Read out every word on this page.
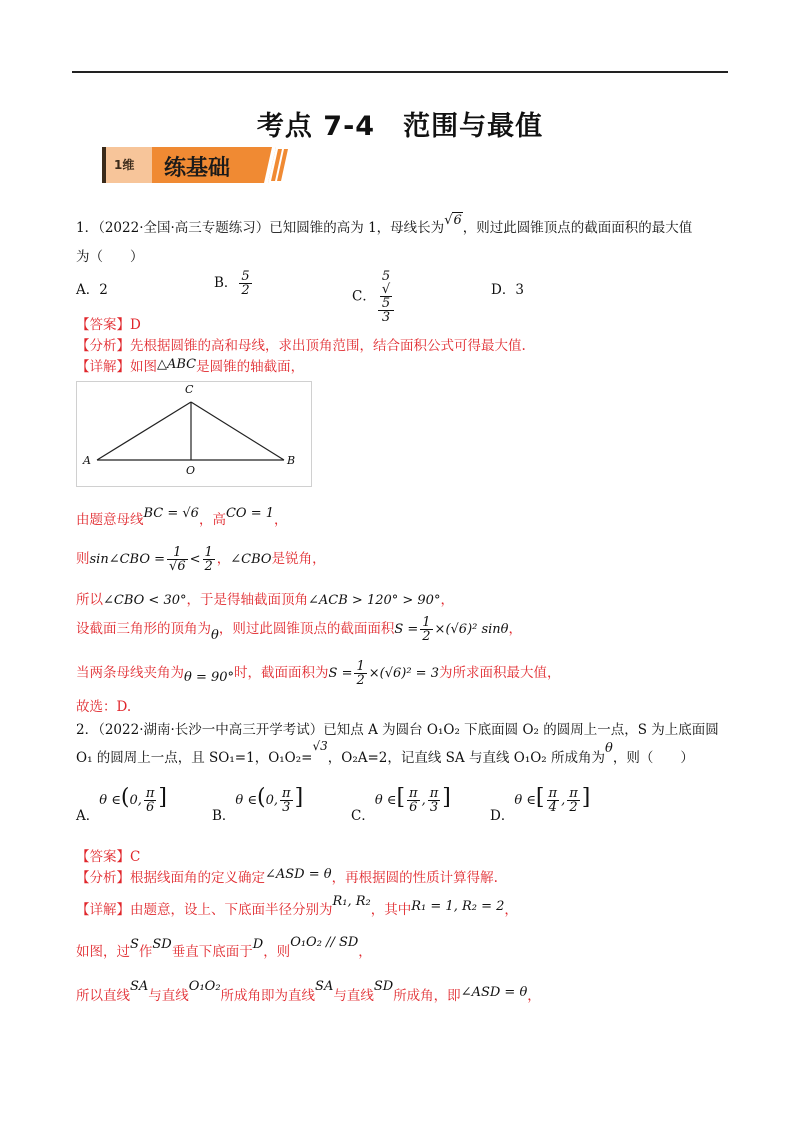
考点 7-4　范围与最值
1维 练基础
1．（2022·全国·高三专题练习）已知圆锥的高为 1，母线长为√6，则过此圆锥顶点的截面面积的最大值
为（　　）
A．2	B． $\frac{5}{2}$	C． 5
√
5
3	D．3
【答案】D
【分析】先根据圆锥的高和母线，求出顶角范围，结合面积公式可得最大值.
【详解】如图△ABC是圆锥的轴截面，
C
A
O
B
由题意母线BC = √6，高CO = 1，
则sin∠CBO = $\frac{1}{√6} < \frac{1}{2}$ ，∠CBO是锐角，
所以∠CBO < 30°，于是得轴截面顶角∠ACB > 120° > 90°，
设截面三角形的顶角为θ，则过此圆锥顶点的截面面积$S = \frac{1}{2} \times(√6)^2$ sinθ，
当两条母线夹角为θ = 90°时，截面面积为$S = \frac{1}{2} \times(√6)^2 = 3$为所求面积最大值，
故选：D.
2．（2022·湖南·长沙一中高三开学考试）已知点 A 为圆台 O₁O₂ 下底面圆 O₂ 的圆周上一点，S 为上底面圆
O₁ 的圆周上一点，且 SO₁=1，O₁O₂=√3，O₂A=2，记直线 SA 与直线 O₁O₂ 所成角为θ，则（　　）
A．θ ∈(0, $\frac{\pi}{6}$ ]
B．θ ∈(0, $\frac{\pi}{3}$ ]
C．θ ∈[ $\frac{\pi}{6}$ , $\frac{\pi}{3}$ ]
D．θ ∈[ $\frac{\pi}{4}$ , $\frac{\pi}{2}$ ]
【答案】C
【分析】根据线面角的定义确定∠ASD = θ，再根据圆的性质计算得解.
【详解】由题意，设上、下底面半径分别为R₁, R₂，其中R₁ = 1, R₂ = 2，
如图，过S作SD垂直下底面于D，则O₁O₂ // SD，
所以直线SA与直线O₁O₂所成角即为直线SA与直线SD所成角，即∠ASD = θ，
